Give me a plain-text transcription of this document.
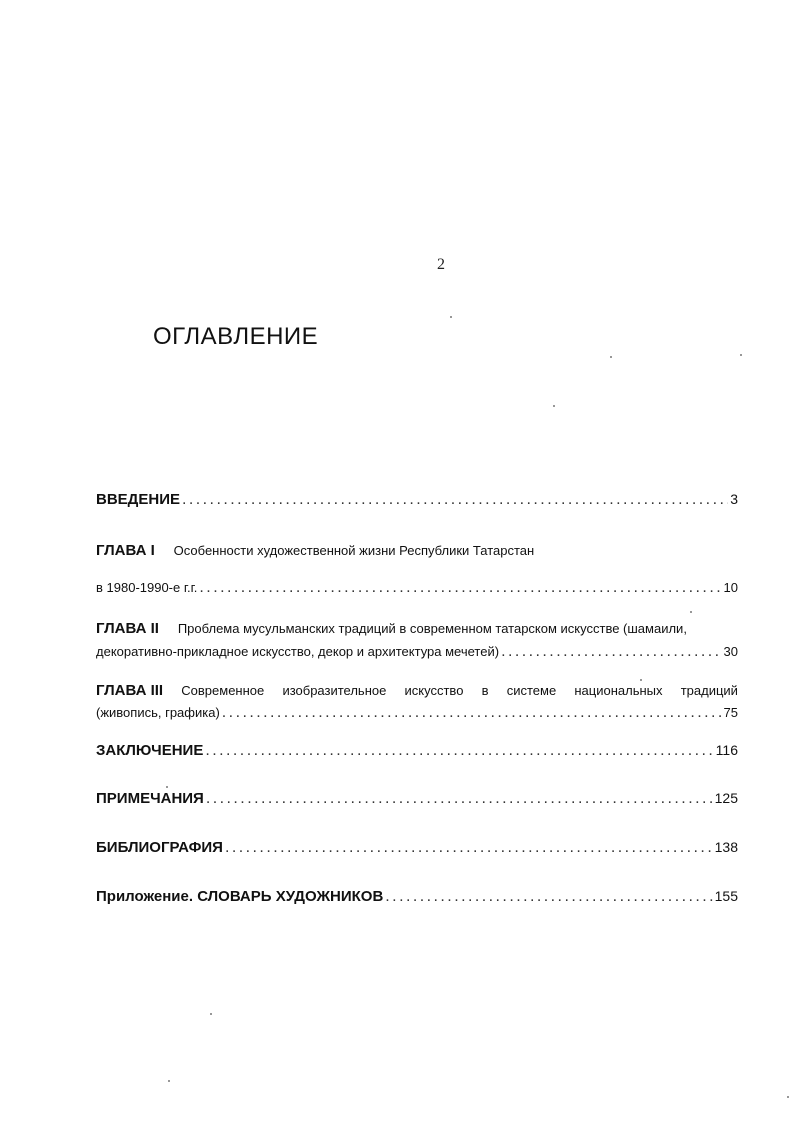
2
ОГЛАВЛЕНИЕ
ВВЕДЕНИЕ . . .	3
ГЛАВА I Особенности художественной жизни Республики Татарстан
в 1980-1990-е г.г. . . .	10
ГЛАВА II Проблема мусульманских традиций в современном татарском искусстве (шамаили,
декоративно-прикладное искусство, декор и архитектура мечетей) . . .	30
ГЛАВА III Современное изобразительное искусство в системе национальных традиций
(живопись, графика) . . .	75
ЗАКЛЮЧЕНИЕ . . .	116
ПРИМЕЧАНИЯ . . .	125
БИБЛИОГРАФИЯ . . .	138
Приложение. СЛОВАРЬ ХУДОЖНИКОВ . . .	155
